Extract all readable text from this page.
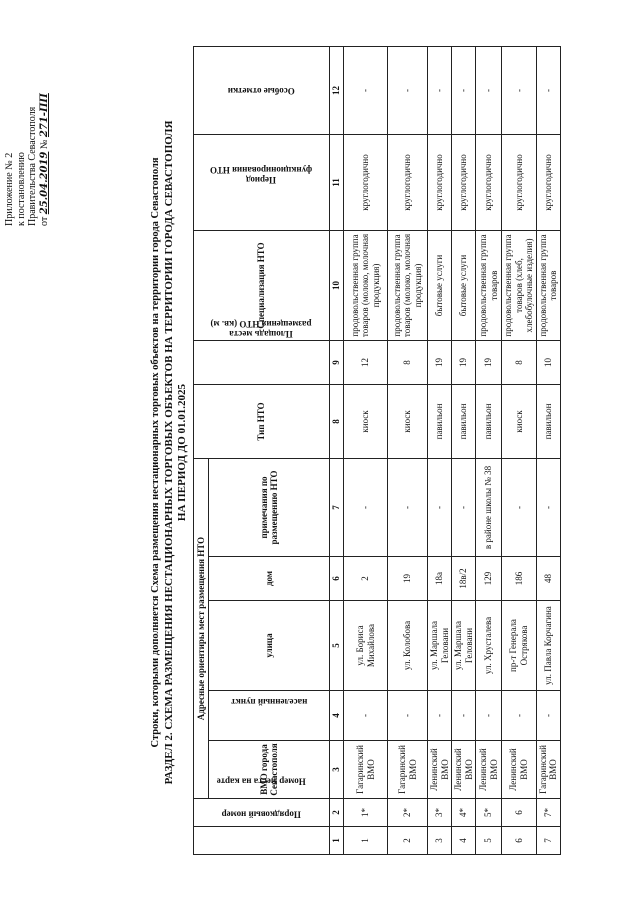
Приложение № 2 к постановлению Правительства Севастополя от 25.04.2019 № 271-ПП
Строки, которыми дополняется Схема размещения нестационарных торговых объектов на территории города Севастополя РАЗДЕЛ 2. СХЕМА РАЗМЕЩЕНИЯ НЕСТАЦИОНАРНЫХ ТОРГОВЫХ ОБЪЕКТОВ НА ТЕРРИТОРИИ ГОРОДА СЕВАСТОПОЛЯ НА ПЕРИОД ДО 01.01.2025
Порядковый номер	Номер места на карте	Адресные ориентиры мест размещения НТО					Тип НТО	Площадь места размещения НТО (кв. м)	Специализация НТО	Период функционирования НТО	Особые отметки
		ВМО города Севастополя	населенный пункт	улица	дом	примечания по размещению НТО					
1	2	3	4	5	6	7	8	9	10	11	12
1	1*	Гагаринский ВМО	-	ул. Бориса Михайлова	2	-	киоск	12	продовольственная группа товаров (молоко, молочная продукция)	круглогодично	-
2	2*	Гагаринский ВМО	-	ул. Колобова	19	-	киоск	8	продовольственная группа товаров (молоко, молочная продукция)	круглогодично	-
3	3*	Ленинский ВМО	-	ул. Маршала Геловани	18а	-	павильон	19	бытовые услуги	круглогодично	-
4	4*	Ленинский ВМО	-	ул. Маршала Геловани	18в/2	-	павильон	19	бытовые услуги	круглогодично	-
5	5*	Ленинский ВМО	-	ул. Хрусталева	129	в районе школы № 38	павильон	19	продовольственная группа товаров	круглогодично	-
6	6	Ленинский ВМО	-	пр-т Генерала Острякова	186	-	киоск	8	продовольственная группа товаров (хлеб, хлебобулочные изделия)	круглогодично	-
7	7*	Гагаринский ВМО	-	ул. Павла Корчагина	48	-	павильон	10	продовольственная группа товаров	круглогодично	-
